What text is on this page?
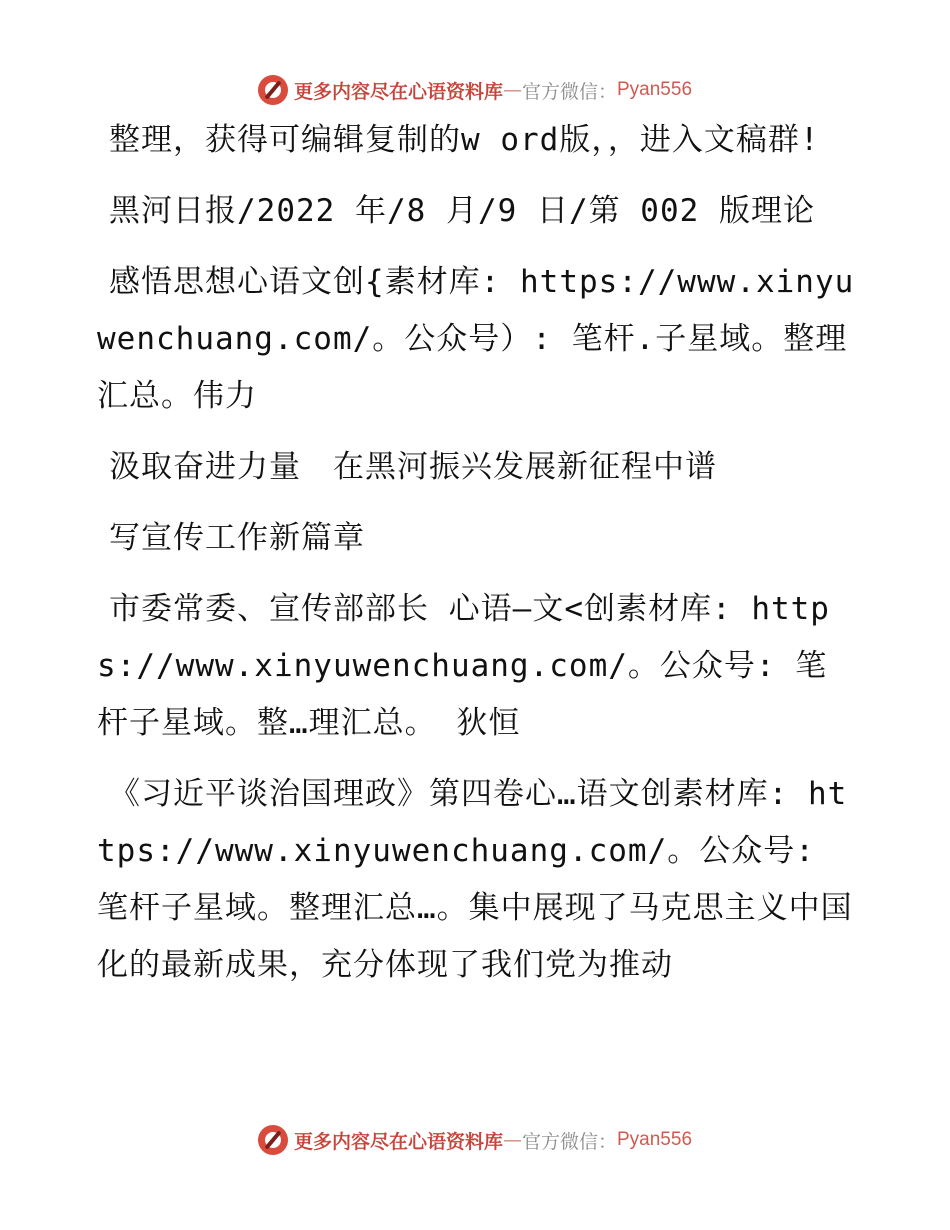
更多内容尽在心语资料库 — 官方微信： Pyan556

整理，获得可编辑复制的w ord版，，进入文稿群!

黑河日报/2022 年/8 月/9 日/第 002 版理论

感悟思想心语文创{素材库: https://www.xinyuwenchuang.com/。公众号）: 笔杆.子星域。整理汇总。伟力

汲取奋进力量　在黑河振兴发展新征程中谱

写宣传工作新篇章

市委常委、宣传部部长 心语—文<创素材库: https://www.xinyuwenchuang.com/。公众号: 笔杆子星域。整…理汇总。 狄恒

《习近平谈治国理政》第四卷心…语文创素材库: https://www.xinyuwenchuang.com/。公众号: 笔杆子星域。整理汇总…。集中展现了马克思主义中国化的最新成果，充分体现了我们党为推动

更多内容尽在心语资料库 — 官方微信： Pyan556
